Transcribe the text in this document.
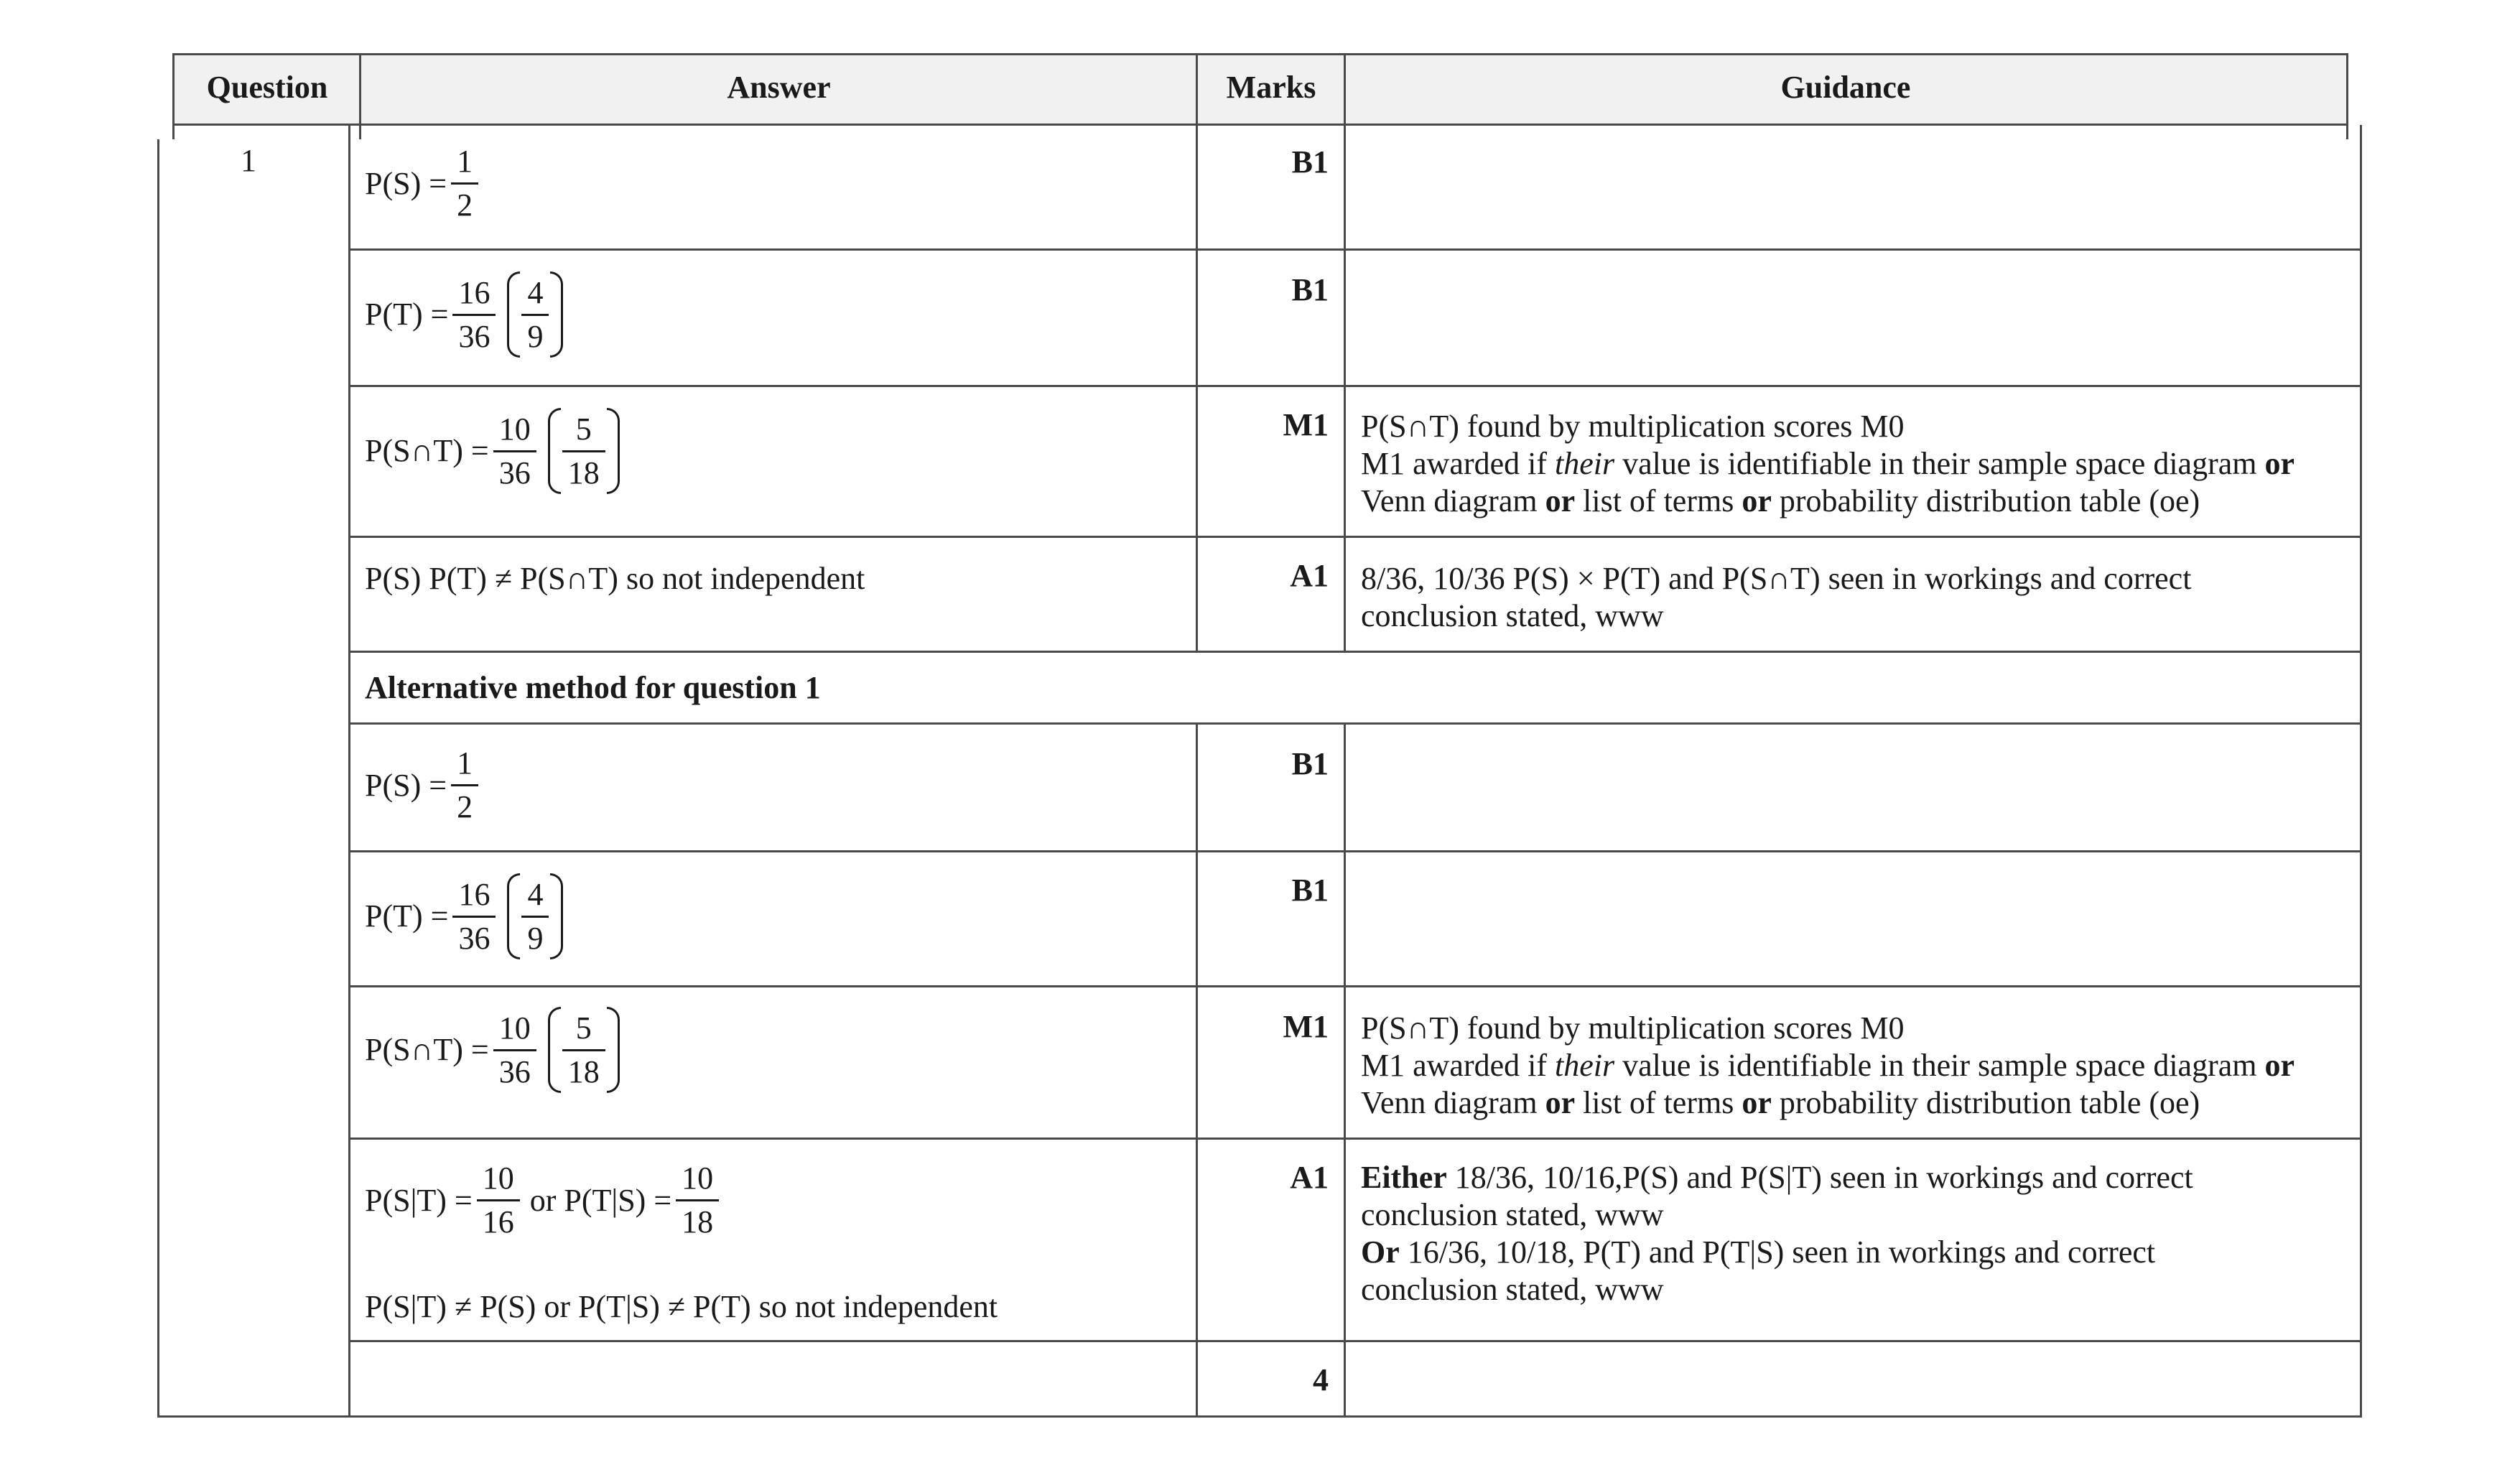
Question	Answer	Marks	Guidance
1
$P(S) = \frac{1}{2}$	B1
$P(T) = \frac{16}{36} \frac{4}{9}$	B1
P(S∩T) = $\frac{10}{36} \frac{5}{18}$	M1 P(S∩T) found by multiplication scores M0
M1 awarded if their value is identifiable in their sample space diagram or
Venn diagram or list of terms or probability distribution table (oe)
P(S) P(T) ≠ P(S∩T) so not independent	A1 8/36, 10/36 P(S) × P(T) and P(S∩T) seen in workings and correct
conclusion stated, www
Alternative method for question 1
$P(S) = \frac{1}{2}$	B1
$P(T) = \frac{16}{36} \frac{4}{9}$	B1
P(S∩T) = $\frac{10}{36} \frac{5}{18}$	M1 P(S∩T) found by multiplication scores M0
M1 awarded if their value is identifiable in their sample space diagram or
Venn diagram or list of terms or probability distribution table (oe)
$P(S|T) = \frac{10}{16}$ or $P(T|S) = \frac{10}{18}$
P(S|T) ≠ P(S) or P(T|S) ≠ P(T) so not independent
A1 Either 18/36, 10/16,P(S) and P(S|T) seen in workings and correct
conclusion stated, www
Or 16/36, 10/18, P(T) and P(T|S) seen in workings and correct
conclusion stated, www
4
